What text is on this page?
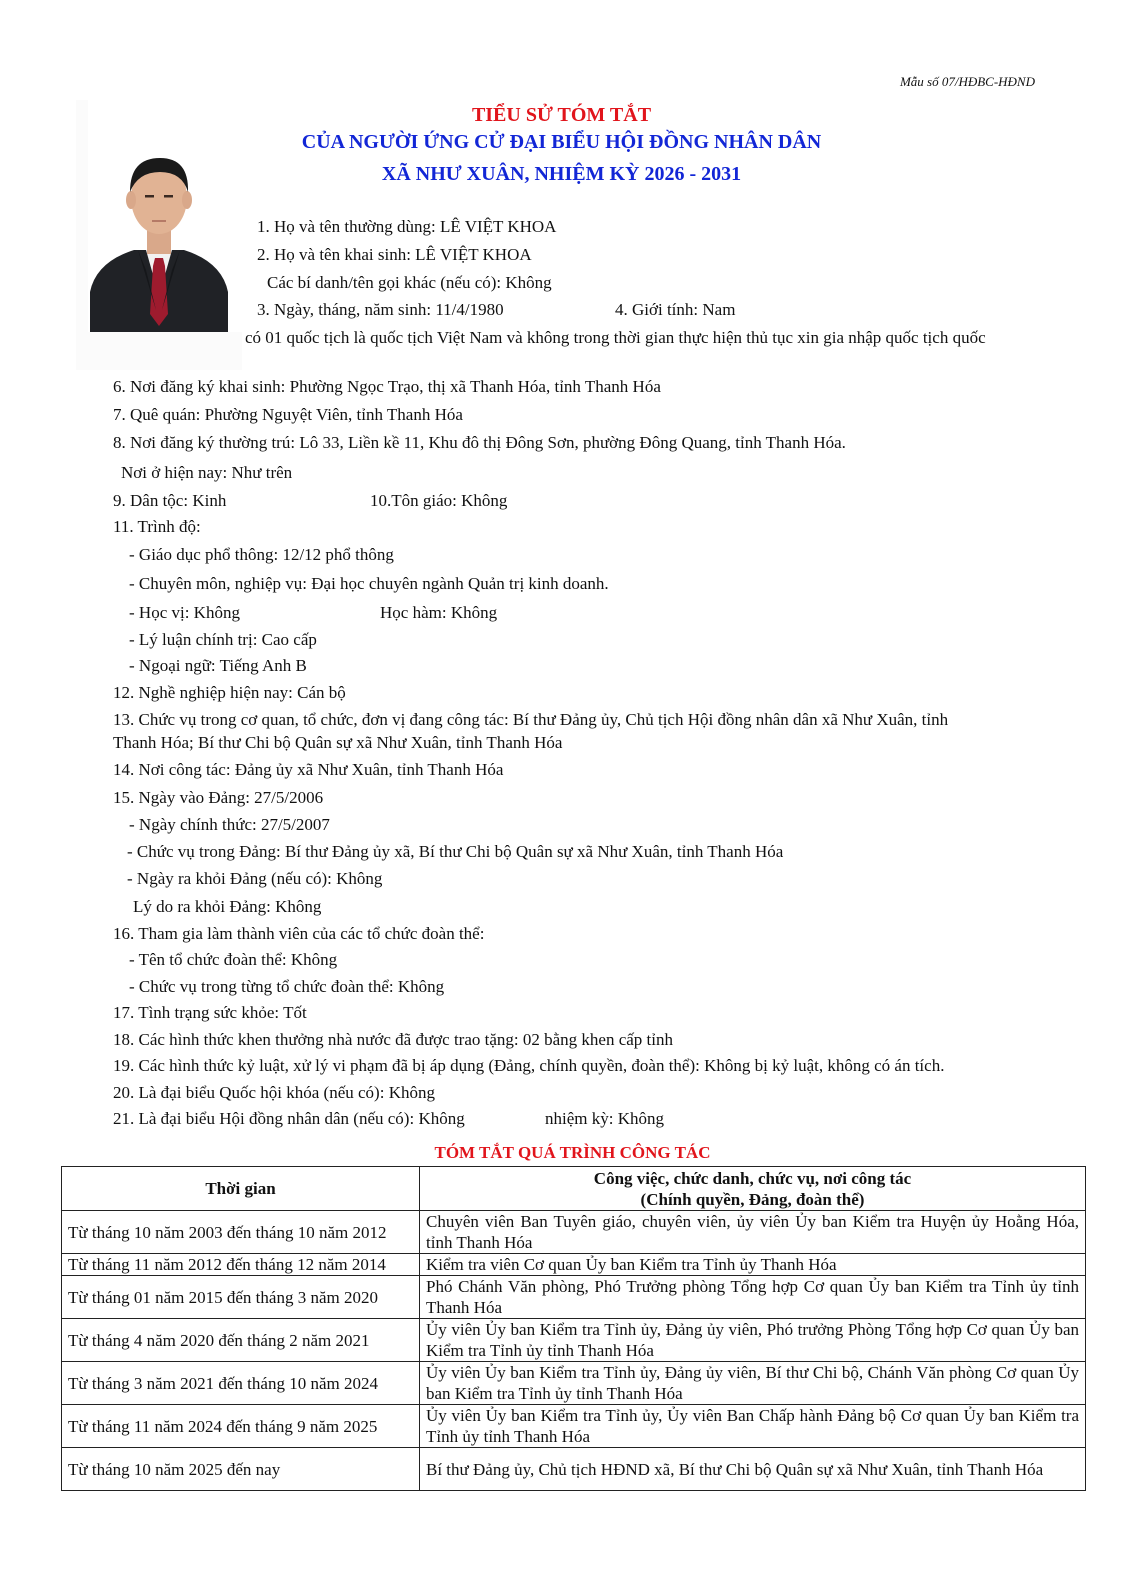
Mẫu số 07/HĐBC-HĐND
TIỂU SỬ TÓM TẮT
CỦA NGƯỜI ỨNG CỬ ĐẠI BIỂU HỘI ĐỒNG NHÂN DÂN
XÃ NHƯ XUÂN, NHIỆM KỲ 2026 - 2031
1. Họ và tên thường dùng: LÊ VIỆT KHOA
2. Họ và tên khai sinh: LÊ VIỆT KHOA
Các bí danh/tên gọi khác (nếu có): Không
3. Ngày, tháng, năm sinh: 11/4/1980	4. Giới tính: Nam
có 01 quốc tịch là quốc tịch Việt Nam và không trong thời gian thực hiện thủ tục xin gia nhập quốc tịch quốc
6. Nơi đăng ký khai sinh: Phường Ngọc Trạo, thị xã Thanh Hóa, tỉnh Thanh Hóa
7. Quê quán: Phường Nguyệt Viên, tỉnh Thanh Hóa
8. Nơi đăng ký thường trú: Lô 33, Liền kề 11, Khu đô thị Đông Sơn, phường Đông Quang, tỉnh Thanh Hóa.
Nơi ở hiện nay: Như trên
9. Dân tộc: Kinh	10.Tôn giáo: Không
11. Trình độ:
- Giáo dục phổ thông: 12/12 phổ thông
- Chuyên môn, nghiệp vụ: Đại học chuyên ngành Quản trị kinh doanh.
- Học vị: Không	Học hàm: Không
- Lý luận chính trị: Cao cấp
- Ngoại ngữ: Tiếng Anh B
12. Nghề nghiệp hiện nay: Cán bộ
13. Chức vụ trong cơ quan, tổ chức, đơn vị đang công tác: Bí thư Đảng ủy, Chủ tịch Hội đồng nhân dân xã Như Xuân, tỉnh
Thanh Hóa; Bí thư Chi bộ Quân sự xã Như Xuân, tỉnh Thanh Hóa
14. Nơi công tác: Đảng ủy xã Như Xuân, tỉnh Thanh Hóa
15. Ngày vào Đảng: 27/5/2006
- Ngày chính thức: 27/5/2007
- Chức vụ trong Đảng: Bí thư Đảng ủy xã, Bí thư Chi bộ Quân sự xã Như Xuân, tỉnh Thanh Hóa
- Ngày ra khỏi Đảng (nếu có): Không
Lý do ra khỏi Đảng: Không
16. Tham gia làm thành viên của các tổ chức đoàn thể:
- Tên tổ chức đoàn thể: Không
- Chức vụ trong từng tổ chức đoàn thể: Không
17. Tình trạng sức khỏe: Tốt
18. Các hình thức khen thưởng nhà nước đã được trao tặng: 02 bằng khen cấp tỉnh
19. Các hình thức kỷ luật, xử lý vi phạm đã bị áp dụng (Đảng, chính quyền, đoàn thể): Không bị kỷ luật, không có án tích.
20. Là đại biểu Quốc hội khóa (nếu có): Không
21. Là đại biểu Hội đồng nhân dân (nếu có): Không	nhiệm kỳ: Không
TÓM TẮT QUÁ TRÌNH CÔNG TÁC
Thời gian	Công việc, chức danh, chức vụ, nơi công tác
(Chính quyền, Đảng, đoàn thể)

Từ tháng 10 năm 2003 đến tháng 10 năm 2012	Chuyên viên Ban Tuyên giáo, chuyên viên, ủy viên Ủy ban Kiểm tra Huyện ủy Hoằng Hóa, tỉnh Thanh Hóa
Từ tháng 11 năm 2012 đến tháng 12 năm 2014	Kiểm tra viên Cơ quan Ủy ban Kiểm tra Tỉnh ủy Thanh Hóa
Từ tháng 01 năm 2015 đến tháng 3 năm 2020	Phó Chánh Văn phòng, Phó Trưởng phòng Tổng hợp Cơ quan Ủy ban Kiểm tra Tỉnh ủy tỉnh Thanh Hóa
Từ tháng 4 năm 2020 đến tháng 2 năm 2021	Ủy viên Ủy ban Kiểm tra Tỉnh ủy, Đảng ủy viên, Phó trưởng Phòng Tổng hợp Cơ quan Ủy ban Kiểm tra Tỉnh ủy tỉnh Thanh Hóa
Từ tháng 3 năm 2021 đến tháng 10 năm 2024	Ủy viên Ủy ban Kiểm tra Tỉnh ủy, Đảng ủy viên, Bí thư Chi bộ, Chánh Văn phòng Cơ quan Ủy ban Kiểm tra Tỉnh ủy tỉnh Thanh Hóa
Từ tháng 11 năm 2024 đến tháng 9 năm 2025	Ủy viên Ủy ban Kiểm tra Tỉnh ủy, Ủy viên Ban Chấp hành Đảng bộ Cơ quan Ủy ban Kiểm tra Tỉnh ủy tỉnh Thanh Hóa
Từ tháng 10 năm 2025 đến nay	Bí thư Đảng ủy, Chủ tịch HĐND xã, Bí thư Chi bộ Quân sự xã Như Xuân, tỉnh Thanh Hóa
